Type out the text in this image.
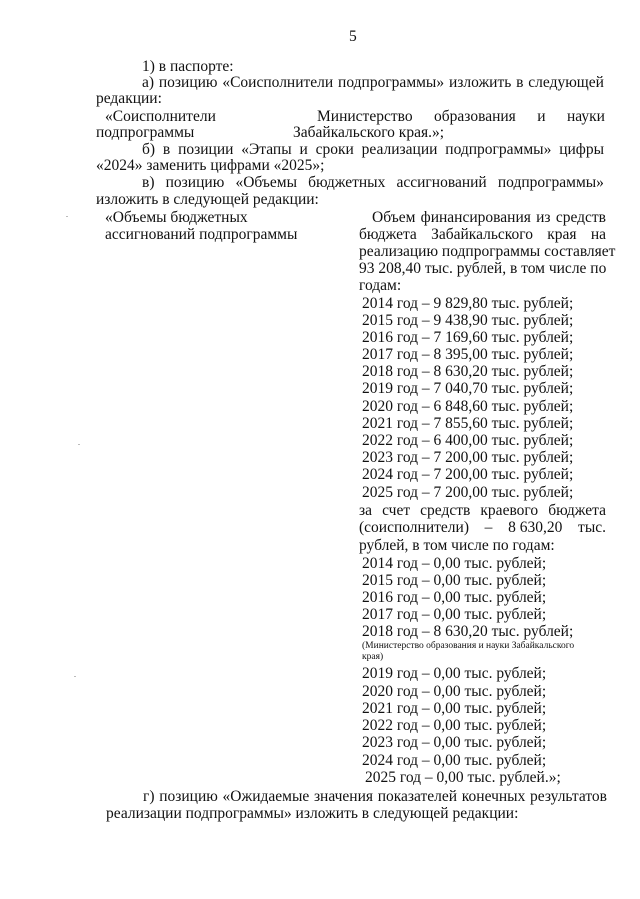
5
1) в паспорте:
а) позицию «Соисполнители подпрограммы» изложить в следующей
редакции:
«Соисполнители	Министерство образования и науки
подпрограммы	Забайкальского края.»;
б) в позиции «Этапы и сроки реализации подпрограммы» цифры
«2024» заменить цифрами «2025»;
в) позицию «Объемы бюджетных ассигнований подпрограммы»
изложить в следующей редакции:
«Объемы бюджетных
ассигнований подпрограммы
Объем финансирования из средств
бюджета Забайкальского края на
реализацию подпрограммы составляет
93 208,40 тыс. рублей, в том числе по
годам:
2014 год – 9 829,80 тыс. рублей;
2015 год – 9 438,90 тыс. рублей;
2016 год – 7 169,60 тыс. рублей;
2017 год – 8 395,00 тыс. рублей;
2018 год – 8 630,20 тыс. рублей;
2019 год – 7 040,70 тыс. рублей;
2020 год – 6 848,60 тыс. рублей;
2021 год – 7 855,60 тыс. рублей;
2022 год – 6 400,00 тыс. рублей;
2023 год – 7 200,00 тыс. рублей;
2024 год – 7 200,00 тыс. рублей;
2025 год – 7 200,00 тыс. рублей;
за счет средств краевого бюджета
(соисполнители) – 8 630,20 тыс.
рублей, в том числе по годам:
2014 год – 0,00 тыс. рублей;
2015 год – 0,00 тыс. рублей;
2016 год – 0,00 тыс. рублей;
2017 год – 0,00 тыс. рублей;
2018 год – 8 630,20 тыс. рублей;
(Министерство образования и науки Забайкальского
края)
2019 год – 0,00 тыс. рублей;
2020 год – 0,00 тыс. рублей;
2021 год – 0,00 тыс. рублей;
2022 год – 0,00 тыс. рублей;
2023 год – 0,00 тыс. рублей;
2024 год – 0,00 тыс. рублей;
2025 год – 0,00 тыс. рублей.»;
г) позицию «Ожидаемые значения показателей конечных результатов
реализации подпрограммы» изложить в следующей редакции:
